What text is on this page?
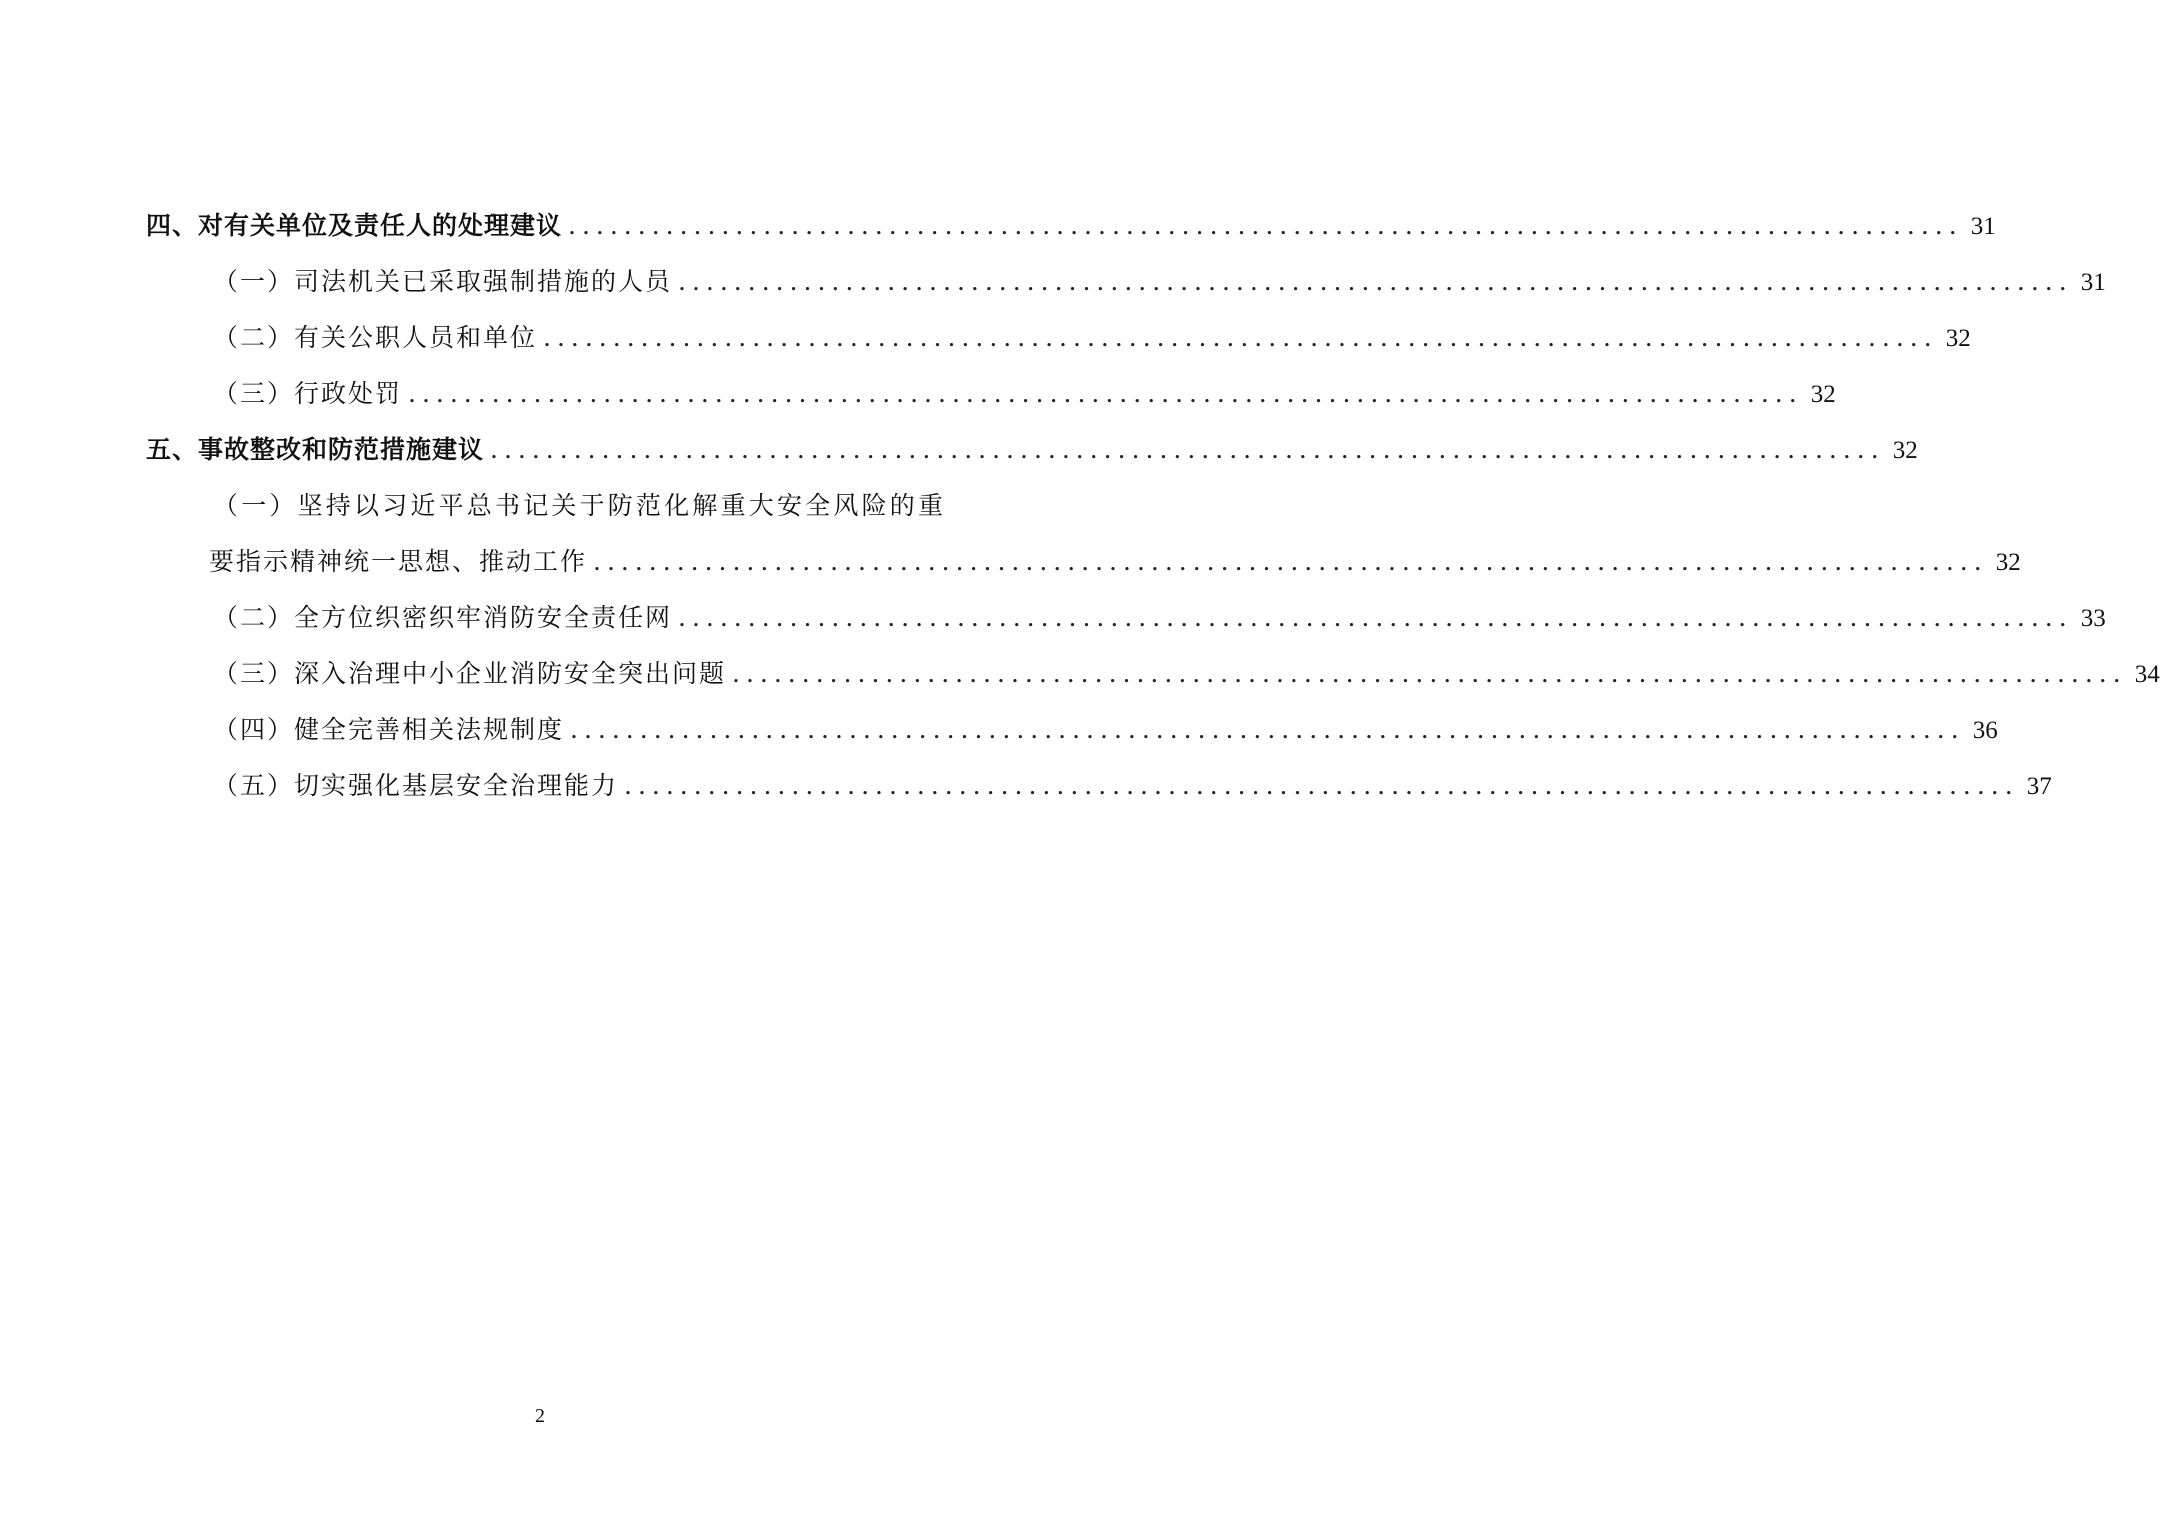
四、对有关单位及责任人的处理建议 .................................................................................................... 31
（一）司法机关已采取强制措施的人员 .................................................................................................... 31
（二）有关公职人员和单位 .................................................................................................... 32
（三）行政处罚 .................................................................................................... 32
五、事故整改和防范措施建议 .................................................................................................... 32
（一）坚持以习近平总书记关于防范化解重大安全风险的重
要指示精神统一思想、推动工作 .................................................................................................... 32
（二）全方位织密织牢消防安全责任网 .................................................................................................... 33
（三）深入治理中小企业消防安全突出问题 .................................................................................................... 34
（四）健全完善相关法规制度 .................................................................................................... 36
（五）切实强化基层安全治理能力 .................................................................................................... 37
2
